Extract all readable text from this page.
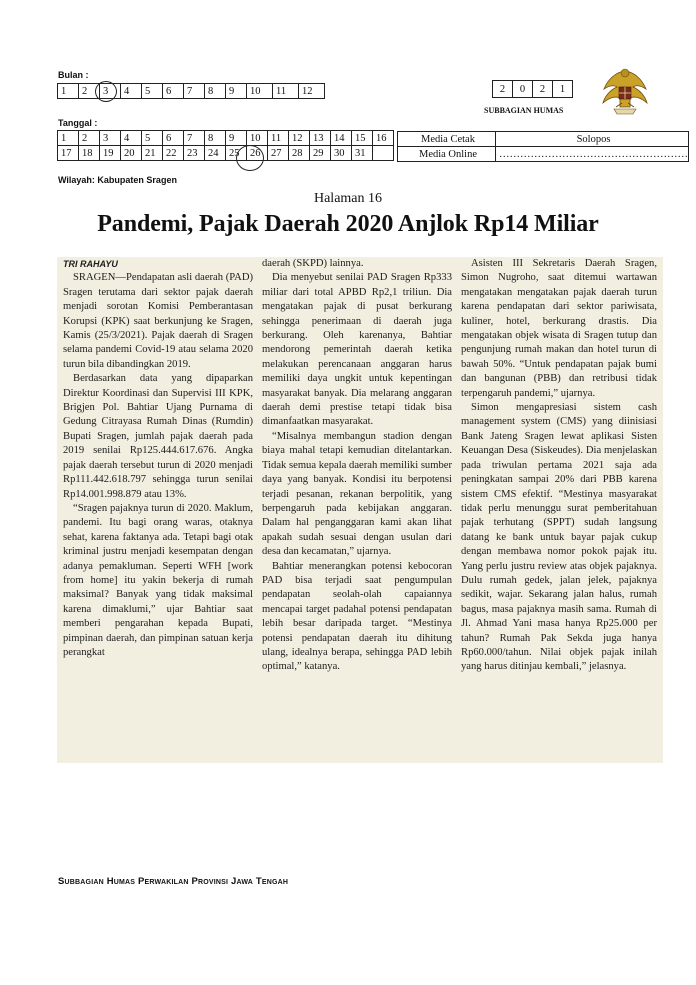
Bulan :
1	2	3	4	5	6	7	8	9	10	11	12	2	0	2	1
SUBBAGIAN HUMAS
Tanggal :
1	2	3	4	5	6	7	8	9	10	11	12	13	14	15	16
17	18	19	20	21	22	23	24	25	26	27	28	29	30	31	
Media Cetak	Solopos
Media Online	………………………………………………
Wilayah: Kabupaten Sragen
Halaman 16
Pandemi, Pajak Daerah 2020 Anjlok Rp14 Miliar

TRI RAHAYU

SRAGEN—Pendapatan asli daerah (PAD) Sragen terutama dari sektor pajak daerah menjadi sorotan Komisi Pemberantasan Korupsi (KPK) saat berkunjung ke Sragen, Kamis (25/3/2021). Pajak daerah di Sragen selama pandemi Covid-19 atau selama 2020 turun bila dibandingkan 2019.

Berdasarkan data yang dipaparkan Direktur Koordinasi dan Supervisi III KPK, Brigjen Pol. Bahtiar Ujang Purnama di Gedung Citrayasa Rumah Dinas (Rumdin) Bupati Sragen, jumlah pajak daerah pada 2019 senilai Rp125.444.617.676. Angka pajak daerah tersebut turun di 2020 menjadi Rp111.442.618.797 sehingga turun senilai Rp14.001.998.879 atau 13%.

“Sragen pajaknya turun di 2020. Maklum, pandemi. Itu bagi orang waras, otaknya sehat, karena faktanya ada. Tetapi bagi otak kriminal justru menjadi kesempatan dengan adanya pemakluman. Seperti WFH [work from home] itu yakin bekerja di rumah maksimal? Banyak yang tidak maksimal karena dimaklumi,” ujar Bahtiar saat memberi pengarahan kepada Bupati, pimpinan daerah, dan pimpinan satuan kerja perangkat

daerah (SKPD) lainnya.

Dia menyebut senilai PAD Sragen Rp333 miliar dari total APBD Rp2,1 triliun. Dia mengatakan pajak di pusat berkurang sehingga penerimaan di daerah juga berkurang. Oleh karenanya, Bahtiar mendorong pemerintah daerah ketika melakukan perencanaan anggaran harus memiliki daya ungkit untuk kepentingan masyarakat banyak. Dia melarang anggaran daerah demi prestise tetapi tidak bisa dimanfaatkan masyarakat.

“Misalnya membangun stadion dengan biaya mahal tetapi kemudian ditelantarkan. Tidak semua kepala daerah memiliki sumber daya yang banyak. Kondisi itu berpotensi terjadi pesanan, rekanan berpolitik, yang berpengaruh pada kebijakan anggaran. Dalam hal penganggaran kami akan lihat apakah sudah sesuai dengan usulan dari desa dan kecamatan,” ujarnya.

Bahtiar menerangkan potensi kebocoran PAD bisa terjadi saat pengumpulan pendapatan seolah-olah capaiannya mencapai target padahal potensi pendapatan lebih besar daripada target. “Mestinya potensi pendapatan daerah itu dihitung ulang, idealnya berapa, sehingga PAD lebih optimal,” katanya.

Asisten III Sekretaris Daerah Sragen, Simon Nugroho, saat ditemui wartawan mengatakan mengatakan pajak daerah turun karena pendapatan dari sektor pariwisata, kuliner, hotel, berkurang drastis. Dia mengatakan objek wisata di Sragen tutup dan pengunjung rumah makan dan hotel turun di bawah 50%. “Untuk pendapatan pajak bumi dan bangunan (PBB) dan retribusi tidak terpengaruh pandemi,” ujarnya.

Simon mengapresiasi sistem cash management system (CMS) yang diinisiasi Bank Jateng Sragen lewat aplikasi Sisten Keuangan Desa (Siskeudes). Dia menjelaskan pada triwulan pertama 2021 saja ada peningkatan sampai 20% dari PBB karena sistem CMS efektif. “Mestinya masyarakat tidak perlu menunggu surat pemberitahuan pajak terhutang (SPPT) sudah langsung datang ke bank untuk bayar pajak cukup dengan membawa nomor pokok pajak itu. Yang perlu justru review atas objek pajaknya. Dulu rumah gedek, jalan jelek, pajaknya sedikit, wajar. Sekarang jalan halus, rumah bagus, masa pajaknya masih sama. Rumah di Jl. Ahmad Yani masa hanya Rp25.000 per tahun? Rumah Pak Sekda juga hanya Rp60.000/tahun. Nilai objek pajak inilah yang harus ditinjau kembali,” jelasnya.

Subbagian Humas Perwakilan Provinsi Jawa Tengah
